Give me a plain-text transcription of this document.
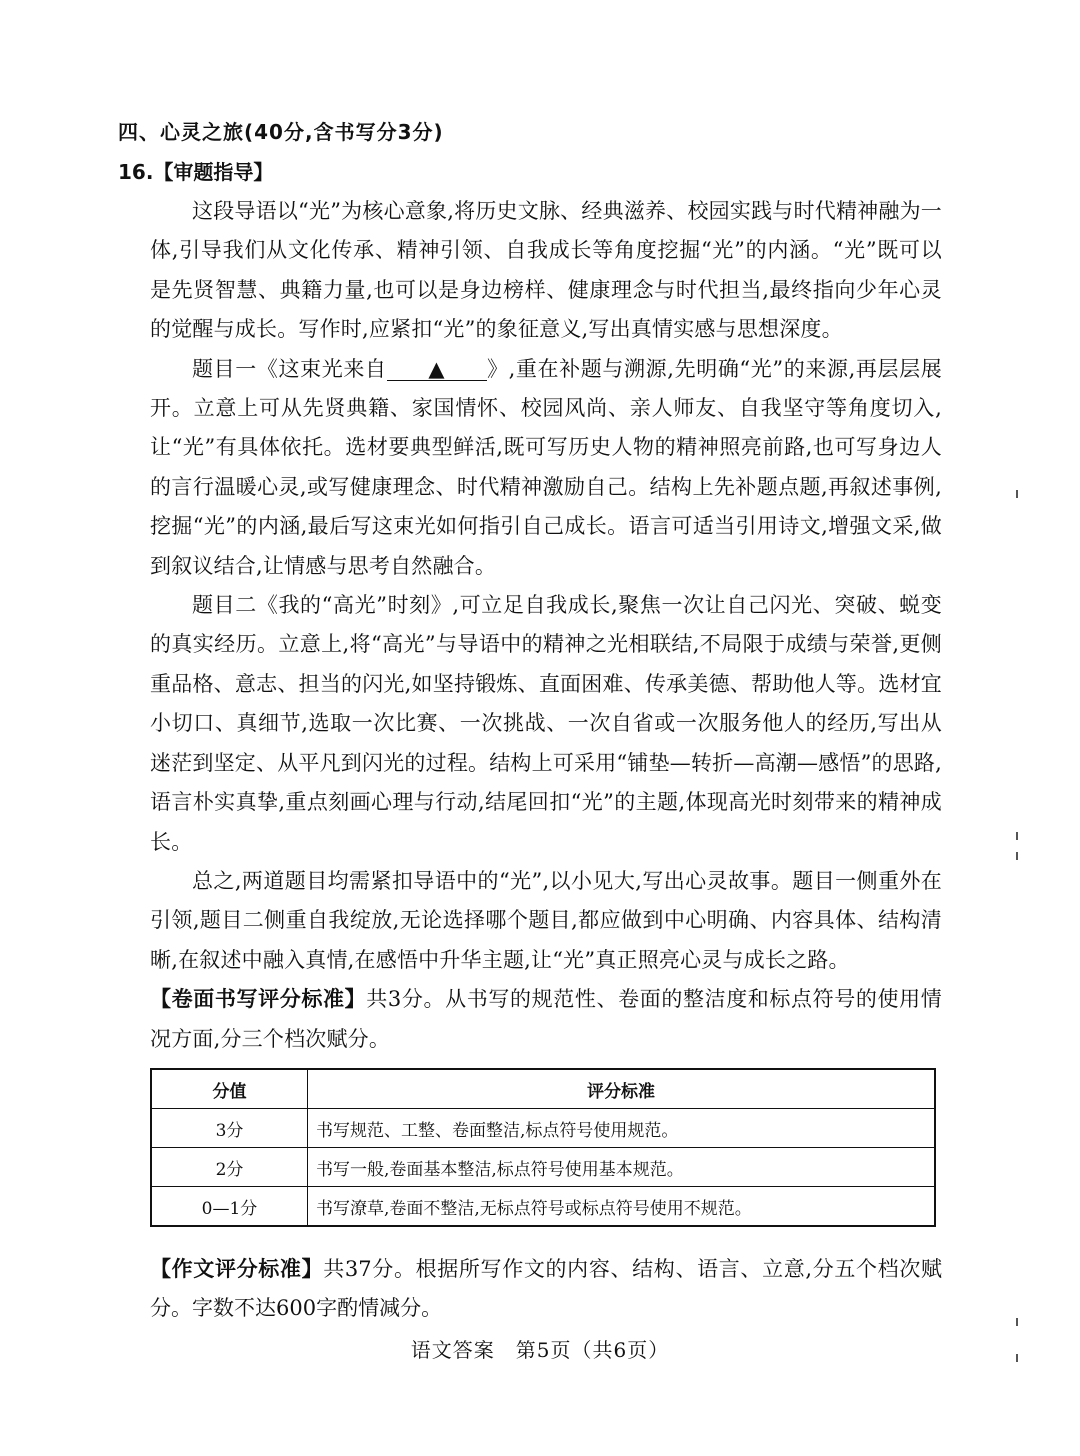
四、心灵之旅(40分,含书写分3分)
16.【审题指导】

这段导语以“光”为核心意象,将历史文脉、经典滋养、校园实践与时代精神融为一体,引导我们从文化传承、精神引领、自我成长等角度挖掘“光”的内涵。“光”既可以是先贤智慧、典籍力量,也可以是身边榜样、健康理念与时代担当,最终指向少年心灵的觉醒与成长。写作时,应紧扣“光”的象征意义,写出真情实感与思想深度。

题目一《这束光来自 ▲ 》,重在补题与溯源,先明确“光”的来源,再层层展开。立意上可从先贤典籍、家国情怀、校园风尚、亲人师友、自我坚守等角度切入,让“光”有具体依托。选材要典型鲜活,既可写历史人物的精神照亮前路,也可写身边人的言行温暖心灵,或写健康理念、时代精神激励自己。结构上先补题点题,再叙述事例,挖掘“光”的内涵,最后写这束光如何指引自己成长。语言可适当引用诗文,增强文采,做到叙议结合,让情感与思考自然融合。

题目二《我的“高光”时刻》,可立足自我成长,聚焦一次让自己闪光、突破、蜕变的真实经历。立意上,将“高光”与导语中的精神之光相联结,不局限于成绩与荣誉,更侧重品格、意志、担当的闪光,如坚持锻炼、直面困难、传承美德、帮助他人等。选材宜小切口、真细节,选取一次比赛、一次挑战、一次自省或一次服务他人的经历,写出从迷茫到坚定、从平凡到闪光的过程。结构上可采用“铺垫—转折—高潮—感悟”的思路,语言朴实真挚,重点刻画心理与行动,结尾回扣“光”的主题,体现高光时刻带来的精神成长。

总之,两道题目均需紧扣导语中的“光”,以小见大,写出心灵故事。题目一侧重外在引领,题目二侧重自我绽放,无论选择哪个题目,都应做到中心明确、内容具体、结构清晰,在叙述中融入真情,在感悟中升华主题,让“光”真正照亮心灵与成长之路。

【卷面书写评分标准】共3分。从书写的规范性、卷面的整洁度和标点符号的使用情况方面,分三个档次赋分。

分值	评分标准
3分	书写规范、工整、卷面整洁,标点符号使用规范。
2分	书写一般,卷面基本整洁,标点符号使用基本规范。
0—1分	书写潦草,卷面不整洁,无标点符号或标点符号使用不规范。

【作文评分标准】共37分。根据所写作文的内容、结构、语言、立意,分五个档次赋分。字数不达600字酌情减分。

语文答案　第5页（共6页）
